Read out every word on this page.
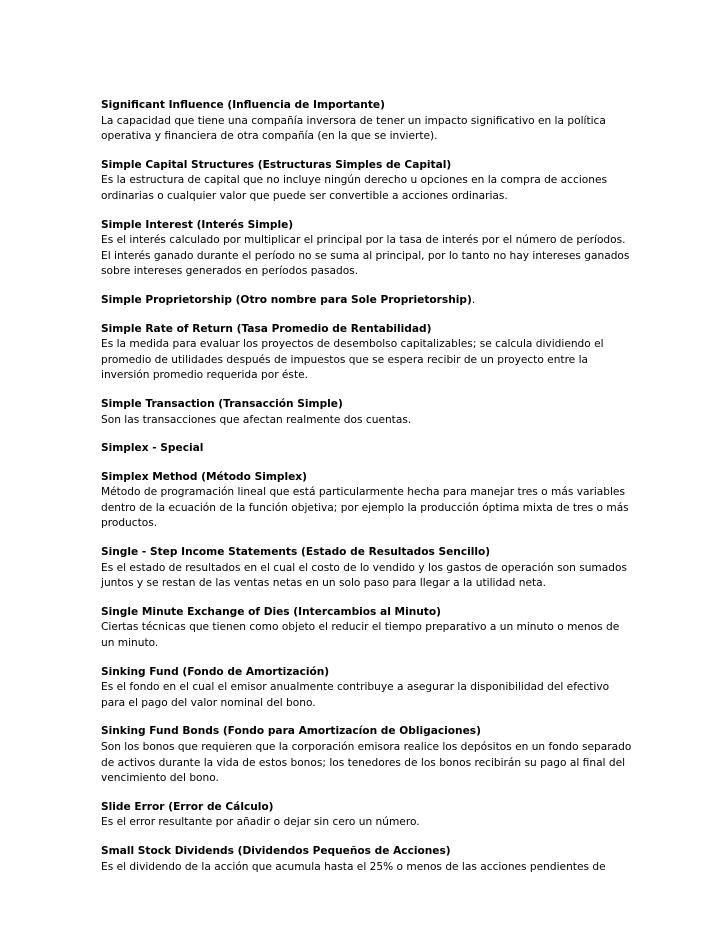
Significant Influence (Influencia de Importante)
La capacidad que tiene una compañía inversora de tener un impacto significativo en la política
operativa y financiera de otra compañía (en la que se invierte).
Simple Capital Structures (Estructuras Simples de Capital)
Es la estructura de capital que no incluye ningún derecho u opciones en la compra de acciones
ordinarias o cualquier valor que puede ser convertible a acciones ordinarias.
Simple Interest (Interés Simple)
Es el interés calculado por multiplicar el principal por la tasa de interés por el número de períodos.
El interés ganado durante el período no se suma al principal, por lo tanto no hay intereses ganados
sobre intereses generados en períodos pasados.
Simple Proprietorship (Otro nombre para Sole Proprietorship).
Simple Rate of Return (Tasa Promedio de Rentabilidad)
Es la medida para evaluar los proyectos de desembolso capitalizables; se calcula dividiendo el
promedio de utilidades después de impuestos que se espera recibir de un proyecto entre la
inversión promedio requerida por éste.
Simple Transaction (Transacción Simple)
Son las transacciones que afectan realmente dos cuentas.
Simplex - Special
Simplex Method (Método Simplex)
Método de programación lineal que está particularmente hecha para manejar tres o más variables
dentro de la ecuación de la función objetiva; por ejemplo la producción óptima mixta de tres o más
productos.
Single - Step Income Statements (Estado de Resultados Sencillo)
Es el estado de resultados en el cual el costo de lo vendido y los gastos de operación son sumados
juntos y se restan de las ventas netas en un solo paso para llegar a la utilidad neta.
Single Minute Exchange of Dies (Intercambios al Minuto)
Ciertas técnicas que tienen como objeto el reducir el tiempo preparativo a un minuto o menos de
un minuto.
Sinking Fund (Fondo de Amortización)
Es el fondo en el cual el emisor anualmente contribuye a asegurar la disponibilidad del efectivo
para el pago del valor nominal del bono.
Sinking Fund Bonds (Fondo para Amortizacíon de Obligaciones)
Son los bonos que requieren que la corporación emisora realice los depósitos en un fondo separado
de activos durante la vida de estos bonos; los tenedores de los bonos recibirán su pago al final del
vencimiento del bono.
Slide Error (Error de Cálculo)
Es el error resultante por añadir o dejar sin cero un número.
Small Stock Dividends (Dividendos Pequeños de Acciones)
Es el dividendo de la acción que acumula hasta el 25% o menos de las acciones pendientes de
